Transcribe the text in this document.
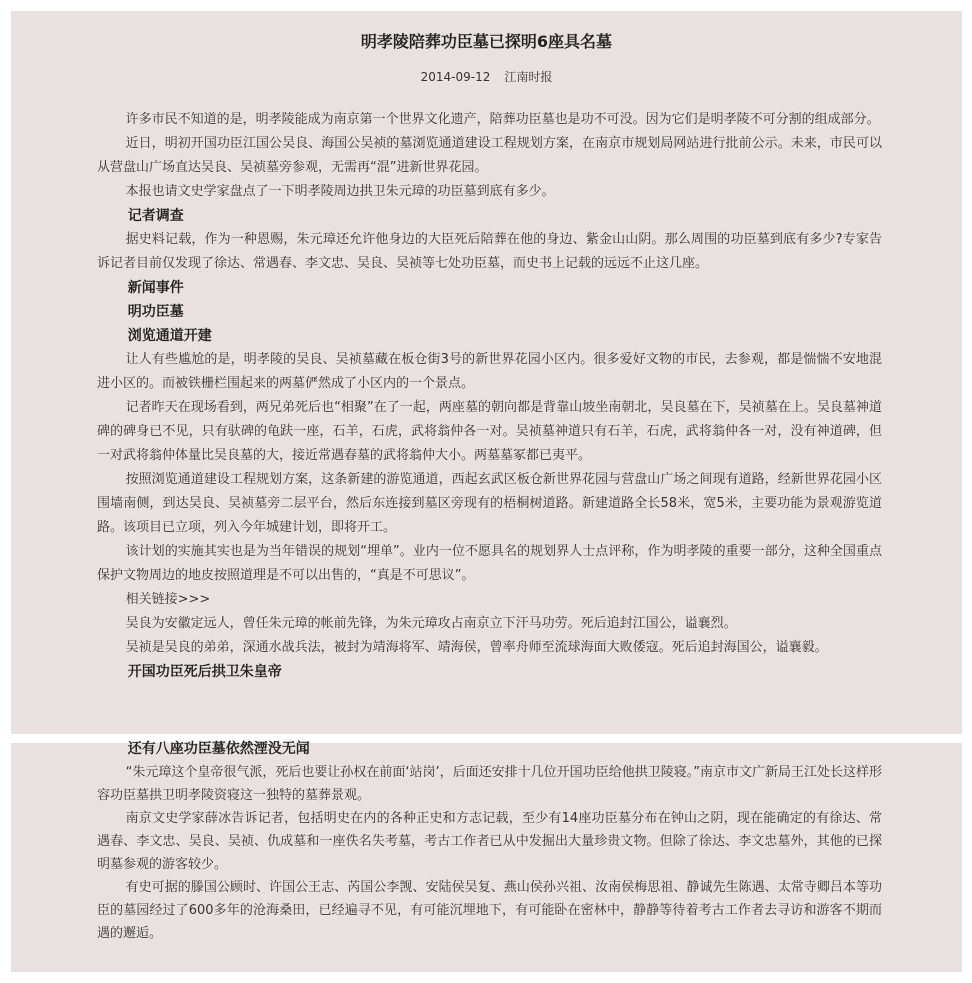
明孝陵陪葬功臣墓已探明6座具名墓
2014-09-12 江南时报

许多市民不知道的是，明孝陵能成为南京第一个世界文化遗产，陪葬功臣墓也是功不可没。因为它们是明孝陵不可分割的组成部分。

近日，明初开国功臣江国公吴良、海国公吴祯的墓浏览通道建设工程规划方案，在南京市规划局网站进行批前公示。未来，市民可以从营盘山广场直达吴良、吴祯墓旁参观，无需再“混”进新世界花园。

本报也请文史学家盘点了一下明孝陵周边拱卫朱元璋的功臣墓到底有多少。

记者调查

据史料记载，作为一种恩赐，朱元璋还允许他身边的大臣死后陪葬在他的身边、紫金山山阴。那么周围的功臣墓到底有多少?专家告诉记者目前仅发现了徐达、常遇春、李文忠、吴良、吴祯等七处功臣墓，而史书上记载的远远不止这几座。

新闻事件

明功臣墓

浏览通道开建

让人有些尴尬的是，明孝陵的吴良、吴祯墓藏在板仓街3号的新世界花园小区内。很多爱好文物的市民，去参观，都是惴惴不安地混进小区的。而被铁栅栏围起来的两墓俨然成了小区内的一个景点。

记者昨天在现场看到，两兄弟死后也“相聚”在了一起，两座墓的朝向都是背靠山坡坐南朝北，吴良墓在下，吴祯墓在上。吴良墓神道碑的碑身已不见，只有驮碑的龟趺一座，石羊，石虎，武将翁仲各一对。吴祯墓神道只有石羊，石虎，武将翁仲各一对，没有神道碑，但一对武将翁仲体量比吴良墓的大，接近常遇春墓的武将翁仲大小。两墓墓冢都已夷平。

按照浏览通道建设工程规划方案，这条新建的游览通道，西起玄武区板仓新世界花园与营盘山广场之间现有道路，经新世界花园小区围墙南侧，到达吴良、吴祯墓旁二层平台，然后东连接到墓区旁现有的梧桐树道路。新建道路全长58米，宽5米，主要功能为景观游览道路。该项目已立项，列入今年城建计划，即将开工。

该计划的实施其实也是为当年错误的规划“埋单”。业内一位不愿具名的规划界人士点评称，作为明孝陵的重要一部分，这种全国重点保护文物周边的地皮按照道理是不可以出售的，“真是不可思议”。

相关链接>>>

吴良为安徽定远人，曾任朱元璋的帐前先锋，为朱元璋攻占南京立下汗马功劳。死后追封江国公，谥襄烈。

吴祯是吴良的弟弟，深通水战兵法，被封为靖海将军、靖海侯，曾率舟师至流球海面大败倭寇。死后追封海国公，谥襄毅。

开国功臣死后拱卫朱皇帝

还有八座功臣墓依然湮没无闻

“朱元璋这个皇帝很气派，死后也要让孙权在前面‘站岗’，后面还安排十几位开国功臣给他拱卫陵寝。”南京市文广新局王江处长这样形容功臣墓拱卫明孝陵资寝这一独特的墓葬景观。

南京文史学家薛冰告诉记者，包括明史在内的各种正史和方志记载，至少有14座功臣墓分布在钟山之阴，现在能确定的有徐达、常遇春、李文忠、吴良、吴祯、仇成墓和一座佚名失考墓，考古工作者已从中发掘出大量珍贵文物。但除了徐达、李文忠墓外，其他的已探明墓参观的游客较少。

有史可据的滕国公顾时、许国公王志、芮国公李觊、安陆侯吴复、燕山侯孙兴祖、汝南侯梅思祖、静诚先生陈遇、太常寺卿吕本等功臣的墓园经过了600多年的沧海桑田，已经遍寻不见，有可能沉埋地下，有可能卧在密林中，静静等待着考古工作者去寻访和游客不期而遇的邂逅。
